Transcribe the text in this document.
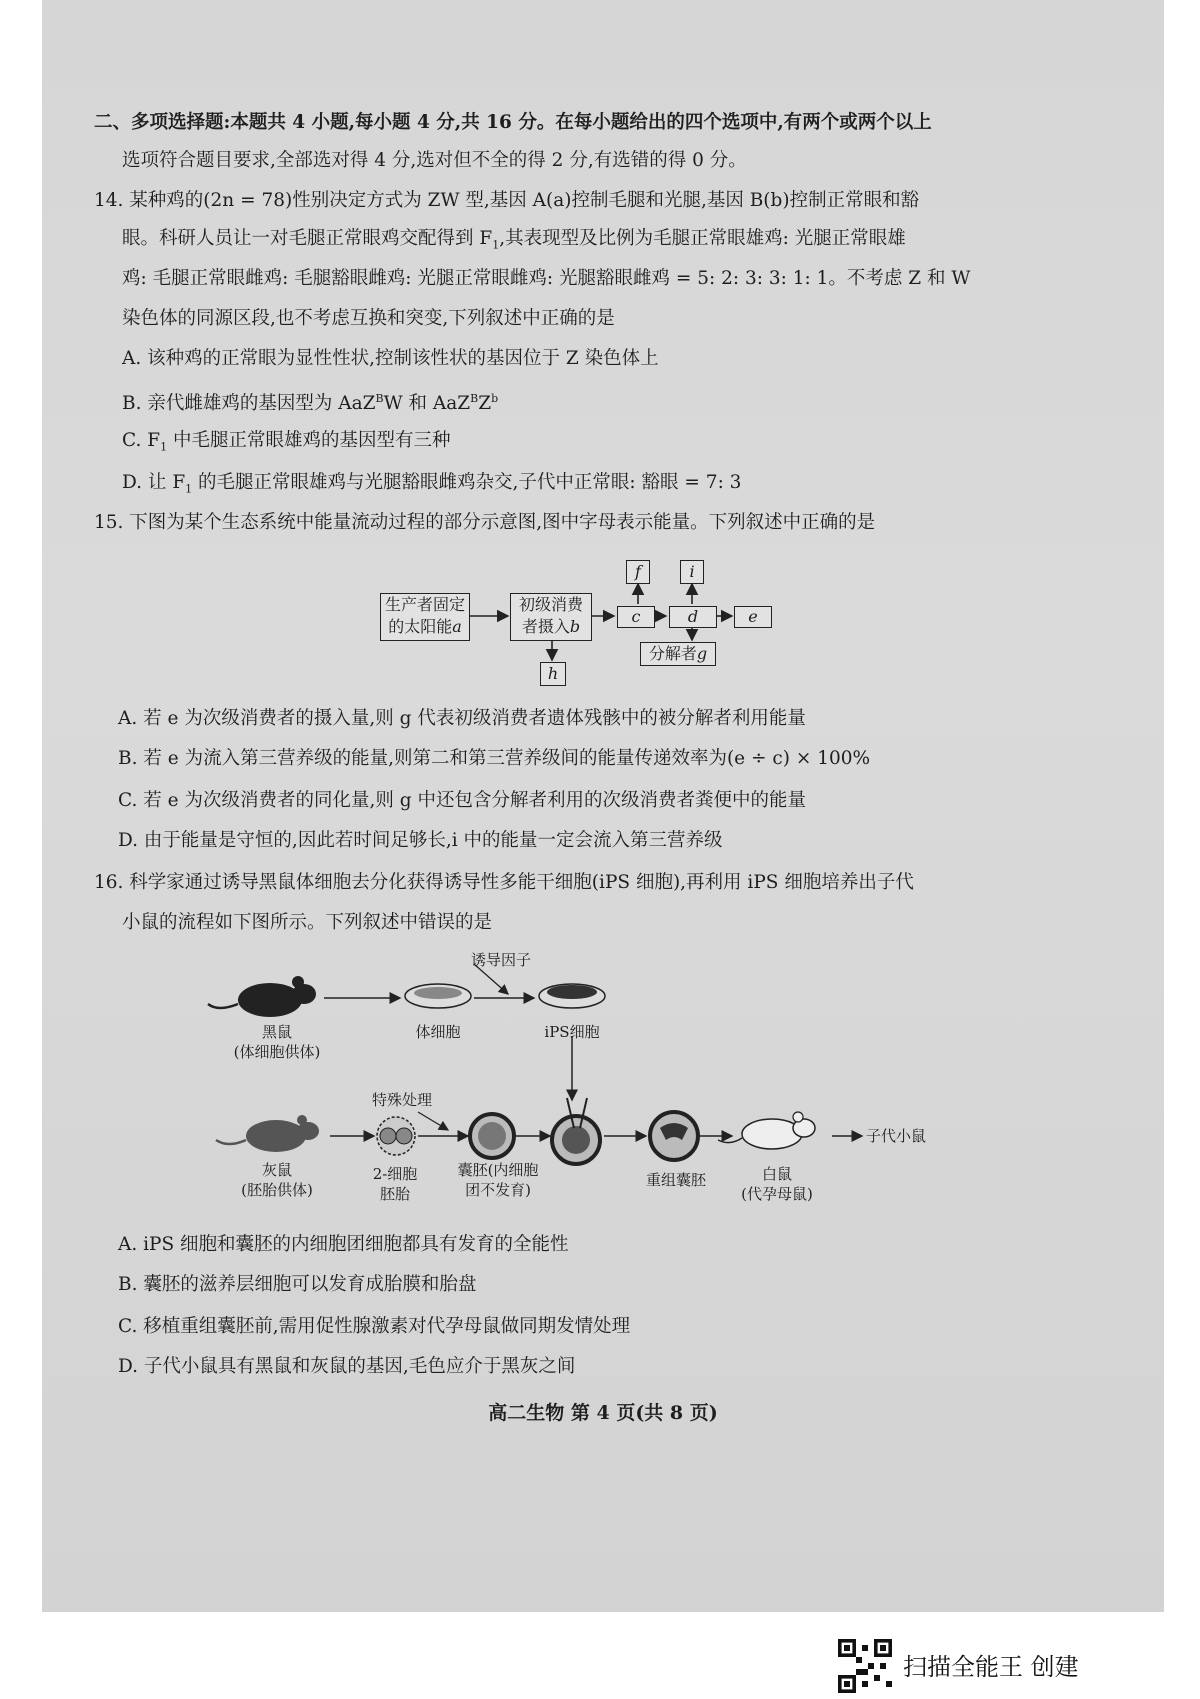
二、多项选择题:本题共 4 小题,每小题 4 分,共 16 分。在每小题给出的四个选项中,有两个或两个以上
选项符合题目要求,全部选对得 4 分,选对但不全的得 2 分,有选错的得 0 分。
14. 某种鸡的(2n = 78)性别决定方式为 ZW 型,基因 A(a)控制毛腿和光腿,基因 B(b)控制正常眼和豁
眼。科研人员让一对毛腿正常眼鸡交配得到 $F_1$,其表现型及比例为毛腿正常眼雄鸡: 光腿正常眼雄
鸡: 毛腿正常眼雌鸡: 毛腿豁眼雌鸡: 光腿正常眼雌鸡: 光腿豁眼雌鸡 = 5: 2: 3: 3: 1: 1。不考虑 Z 和 W
染色体的同源区段,也不考虑互换和突变,下列叙述中正确的是
A. 该种鸡的正常眼为显性性状,控制该性状的基因位于 Z 染色体上
B. 亲代雌雄鸡的基因型为 AaZ$^B$W 和 $AaZ^BZ^b$
C. $F_1$ 中毛腿正常眼雄鸡的基因型有三种
D. 让 $F_1$ 的毛腿正常眼雄鸡与光腿豁眼雌鸡杂交,子代中正常眼: 豁眼 = 7: 3
15. 下图为某个生态系统中能量流动过程的部分示意图,图中字母表示能量。下列叙述中正确的是
生产者固定
的太阳能a
初级消费
者摄入b
c
f
d
i
e
分解者g
h
A. 若 e 为次级消费者的摄入量,则 g 代表初级消费者遗体残骸中的被分解者利用能量
B. 若 e 为流入第三营养级的能量,则第二和第三营养级间的能量传递效率为(e ÷ c) × 100%
C. 若 e 为次级消费者的同化量,则 g 中还包含分解者利用的次级消费者粪便中的能量
D. 由于能量是守恒的,因此若时间足够长,i 中的能量一定会流入第三营养级
16. 科学家通过诱导黑鼠体细胞去分化获得诱导性多能干细胞(iPS 细胞),再利用 iPS 细胞培养出子代
小鼠的流程如下图所示。下列叙述中错误的是
诱导因子
黑鼠
(体细胞供体)
体细胞	iPS细胞
特殊处理
灰鼠
(胚胎供体)
2-细胞
胚胎
囊胚(内细胞
团不发育)
重组囊胚	白鼠
(代孕母鼠)
子代小鼠
A. iPS 细胞和囊胚的内细胞团细胞都具有发育的全能性
B. 囊胚的滋养层细胞可以发育成胎膜和胎盘
C. 移植重组囊胚前,需用促性腺激素对代孕母鼠做同期发情处理
D. 子代小鼠具有黑鼠和灰鼠的基因,毛色应介于黑灰之间
高二生物 第 4 页(共 8 页)
扫描全能王 创建
